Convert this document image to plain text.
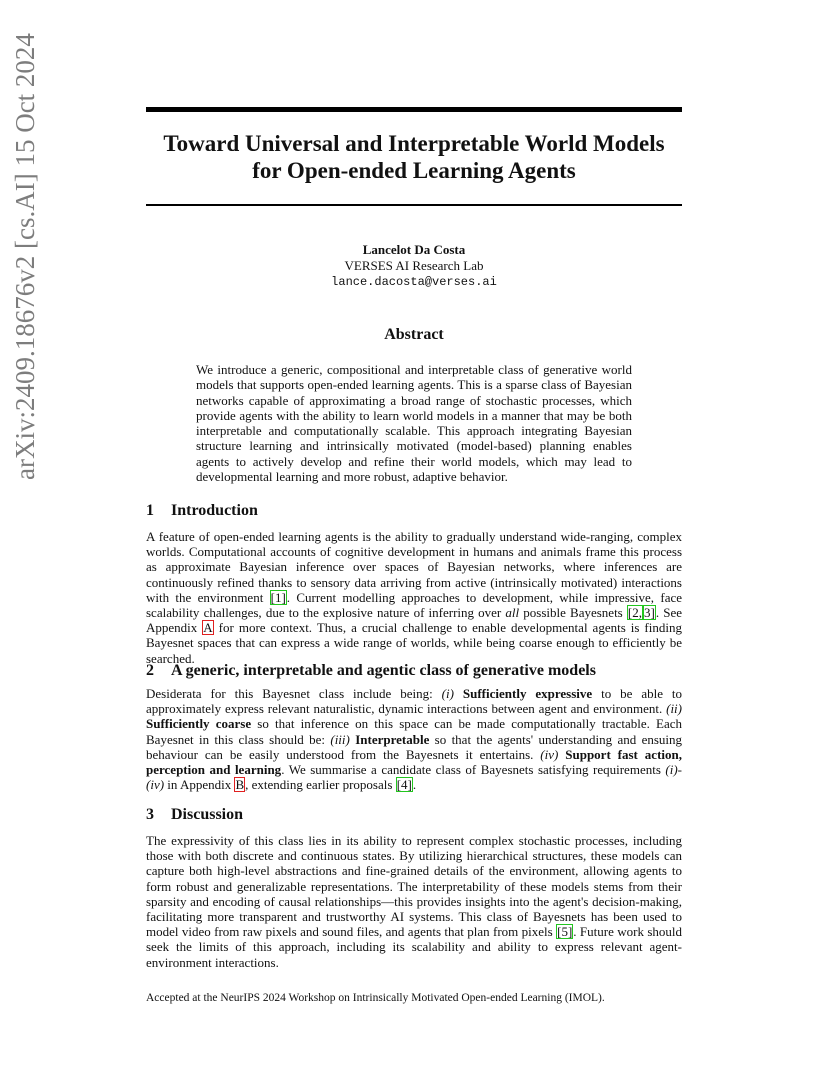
arXiv:2409.18676v2 [cs.AI] 15 Oct 2024	Toward Universal and Interpretable World Models for Open-ended Learning Agents
Lancelot Da Costa
VERSES AI Research Lab
lance.dacosta@verses.ai
Abstract
We introduce a generic, compositional and interpretable class of generative world models that supports open-ended learning agents. This is a sparse class of Bayesian networks capable of approximating a broad range of stochastic processes, which provide agents with the ability to learn world models in a manner that may be both interpretable and computationally scalable. This approach integrating Bayesian structure learning and intrinsically motivated (model-based) planning enables agents to actively develop and refine their world models, which may lead to developmental learning and more robust, adaptive behavior.
1 Introduction
A feature of open-ended learning agents is the ability to gradually understand wide-ranging, complex worlds. Computational accounts of cognitive development in humans and animals frame this process as approximate Bayesian inference over spaces of Bayesian networks, where inferences are continuously refined thanks to sensory data arriving from active (intrinsically motivated) interactions with the environment [1]. Current modelling approaches to development, while impressive, face scalability challenges, due to the explosive nature of inferring over all possible Bayesnets [2, 3]. See Appendix A for more context. Thus, a crucial challenge to enable developmental agents is finding Bayesnet spaces that can express a wide range of worlds, while being coarse enough to efficiently be searched.
2 A generic, interpretable and agentic class of generative models
Desiderata for this Bayesnet class include being: (i) Sufficiently expressive to be able to approximately express relevant naturalistic, dynamic interactions between agent and environment. (ii) Sufficiently coarse so that inference on this space can be made computationally tractable. Each Bayesnet in this class should be: (iii) Interpretable so that the agents' understanding and ensuing behaviour can be easily understood from the Bayesnets it entertains. (iv) Support fast action, perception and learning. We summarise a candidate class of Bayesnets satisfying requirements (i)-(iv) in Appendix B, extending earlier proposals [4].
3 Discussion
The expressivity of this class lies in its ability to represent complex stochastic processes, including those with both discrete and continuous states. By utilizing hierarchical structures, these models can capture both high-level abstractions and fine-grained details of the environment, allowing agents to form robust and generalizable representations. The interpretability of these models stems from their sparsity and encoding of causal relationships—this provides insights into the agent's decision-making, facilitating more transparent and trustworthy AI systems. This class of Bayesnets has been used to model video from raw pixels and sound files, and agents that plan from pixels [5]. Future work should seek the limits of this approach, including its scalability and ability to express relevant agent-environment interactions.
Accepted at the NeurIPS 2024 Workshop on Intrinsically Motivated Open-ended Learning (IMOL).
